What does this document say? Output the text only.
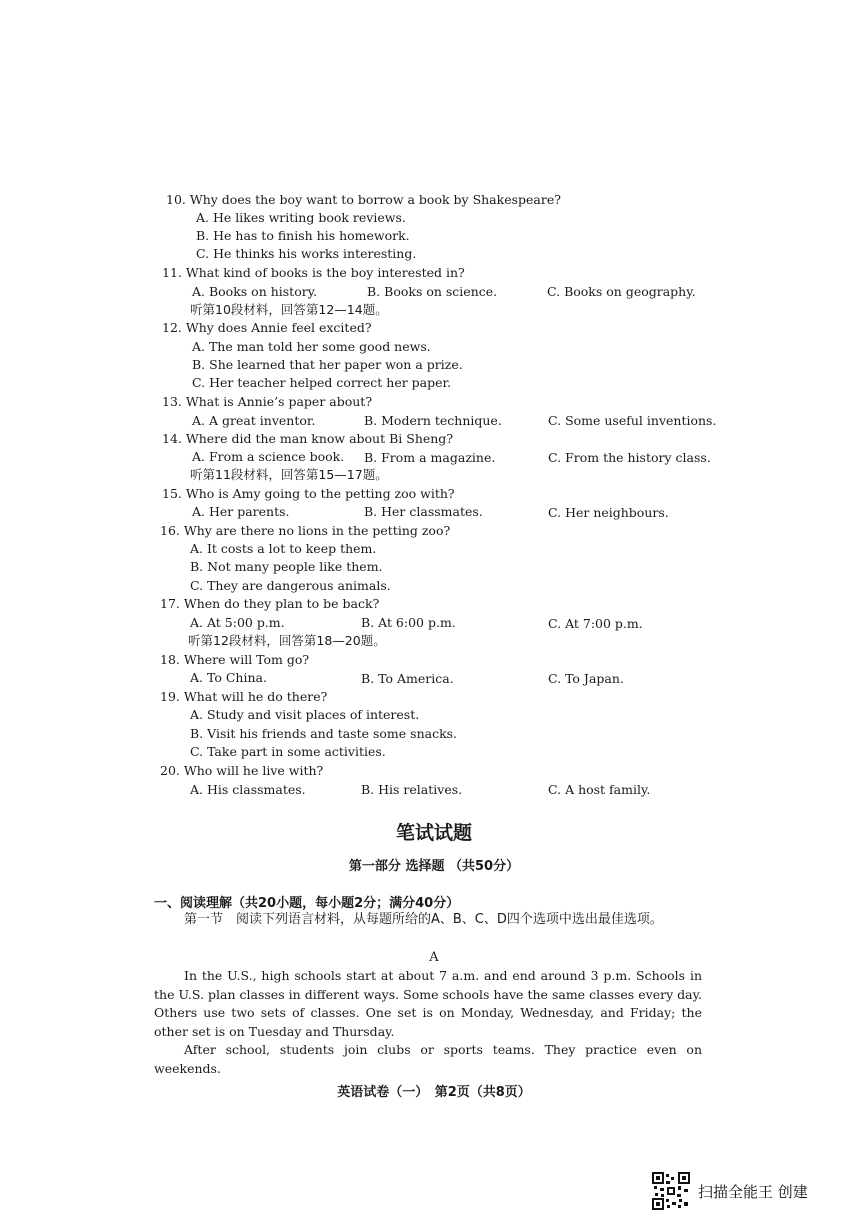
10. Why does the boy want to borrow a book by Shakespeare?
A. He likes writing book reviews.
B. He has to finish his homework.
C. He thinks his works interesting.
11. What kind of books is the boy interested in?
A. Books on history.	B. Books on science.	C. Books on geography.
听第10段材料，回答第12—14题。
12. Why does Annie feel excited?
A. The man told her some good news.
B. She learned that her paper won a prize.
C. Her teacher helped correct her paper.
13. What is Annie’s paper about?
A. A great inventor.	B. Modern technique.	C. Some useful inventions.
14. Where did the man know about Bi Sheng?
A. From a science book. B. From a magazine.	C. From the history class.
听第11段材料，回答第15—17题。
15. Who is Amy going to the petting zoo with?
A. Her parents.	B. Her classmates.	C. Her neighbours.
16. Why are there no lions in the petting zoo?
A. It costs a lot to keep them.
B. Not many people like them.
C. They are dangerous animals.
17. When do they plan to be back?
A. At 5:00 p.m.	B. At 6:00 p.m.	C. At 7:00 p.m.
听第12段材料，回答第18—20题。
18. Where will Tom go?
A. To China.	B. To America.	C. To Japan.
19. What will he do there?
A. Study and visit places of interest.
B. Visit his friends and taste some snacks.
C. Take part in some activities.
20. Who will he live with?
A. His classmates.	B. His relatives.	C. A host family.
笔试试题
第一部分 选择题 （共50分）
一、阅读理解（共20小题，每小题2分；满分40分）
第一节　阅读下列语言材料，从每题所给的A、B、C、D四个选项中选出最佳选项。
A
In the U.S., high schools start at about 7 a.m. and end around 3 p.m. Schools in the U.S. plan classes in different ways. Some schools have the same classes every day. Others use two sets of classes. One set is on Monday, Wednesday, and Friday; the other set is on Tuesday and Thursday.
After school, students join clubs or sports teams. They practice even on weekends.
英语试卷（一）　第2页（共8页）
扫描全能王 创建
